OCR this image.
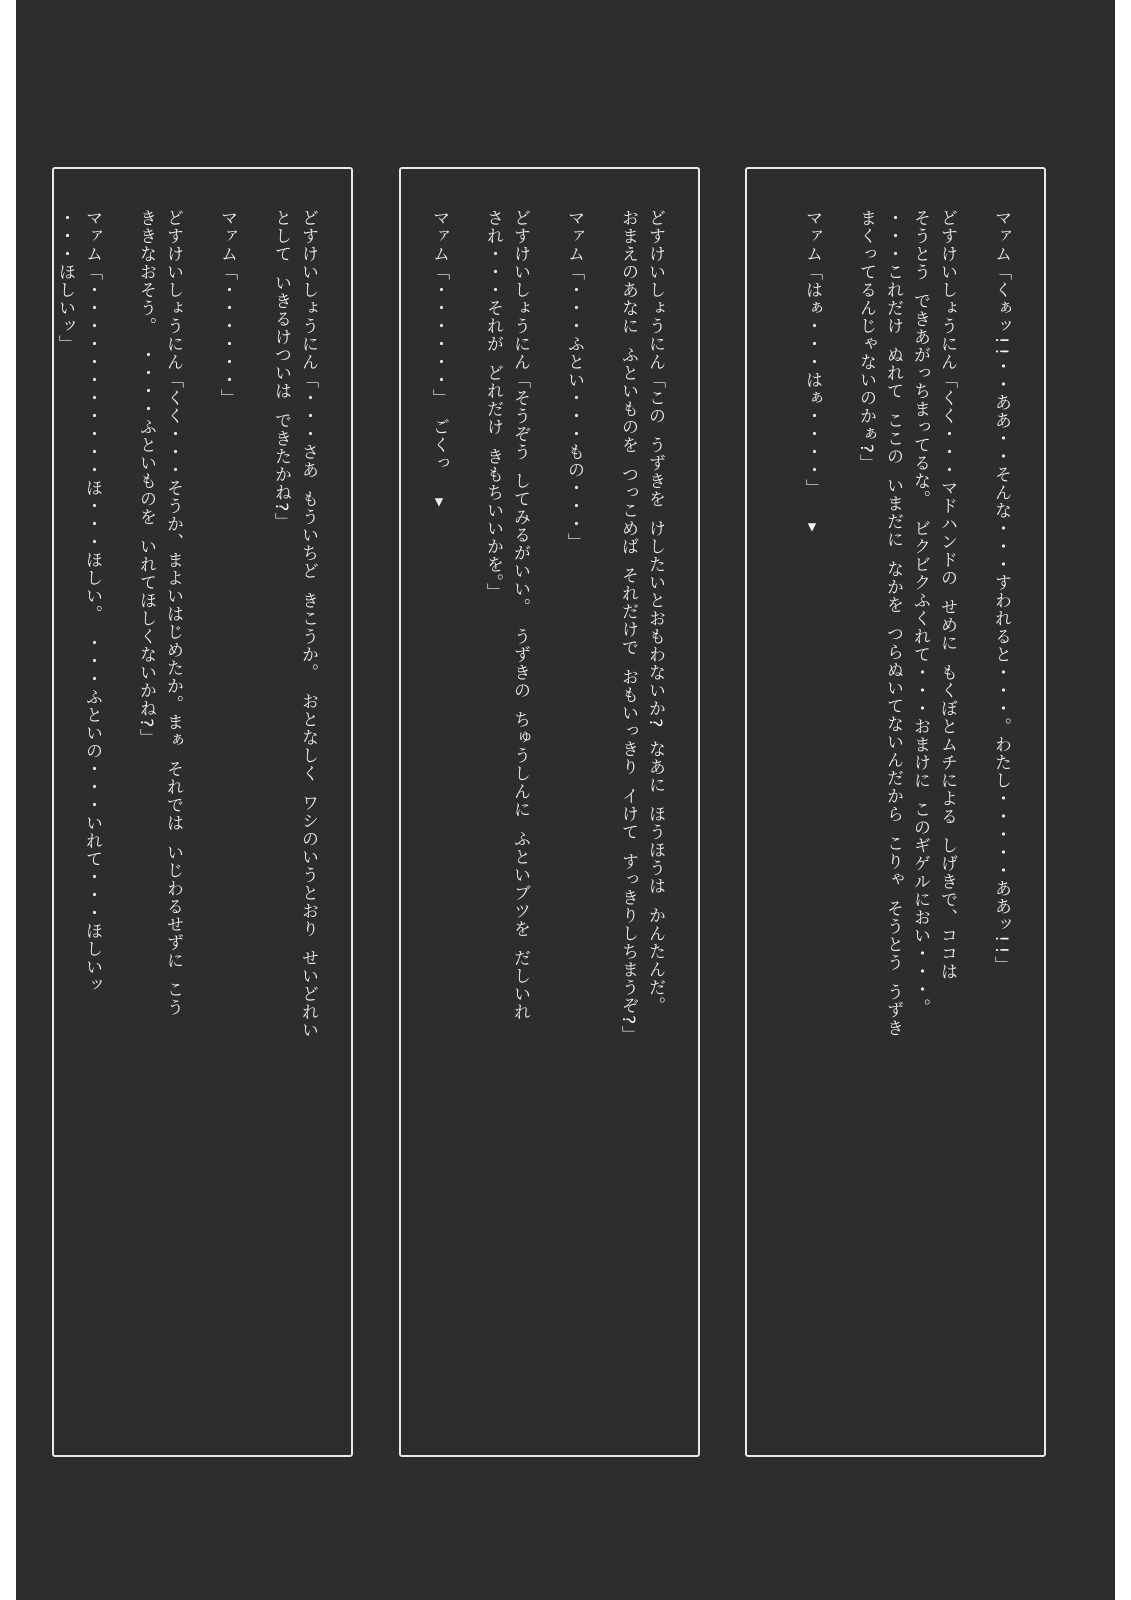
マァム「くぁッ!!・・ああ・・そんな・・・すわれると・・・。わたし・・・・・ああッ!!」
どすけいしょうにん「くく・・・マドハンドの せめに もくぼとムチによる しげきで、ココは
そうとう できあがっちまってるな。 ビクビクふくれて・・・おまけに このギゲルにおい・・・。
・・・これだけ ぬれて ここの いまだに なかを つらぬいてないんだから こりゃ そうとう うずき
まくってるんじゃないのかぁ?」
マァム「はぁ・・・はぁ・・・・」▼
どすけいしょうにん「この うずきを けしたいとおもわないか? なあに ほうほうは かんたんだ。
おまえのあなに ふといものを つっこめば それだけで おもいっきり イけて すっきりしちまうぞ?」
マァム「・・・ふとい・・・もの・・・」
どすけいしょうにん「そうぞう してみるがいい。 うずきの ちゅうしんに ふといブツを だしいれ
され・・・それが どれだけ きもちいいかを。」
マァム「・・・・・・」 ごくっ▼
どすけいしょうにん「・・・さあ もういちど きこうか。 おとなしく ワシのいうとおり せいどれい
として いきるけついは できたかね?」
マァム「・・・・・・」
どすけいしょうにん「くく・・・そうか、まよいはじめたか。まぁ それでは いじわるせずに こう
ききなおそう。 ・・・・ふといものを いれてほしくないかね?」
マァム「・・・・・・・・・・・ほ・・・ほしい。 ・・・ふといの・・・いれて・・・ほしいッ
・・・ほしいッ」
